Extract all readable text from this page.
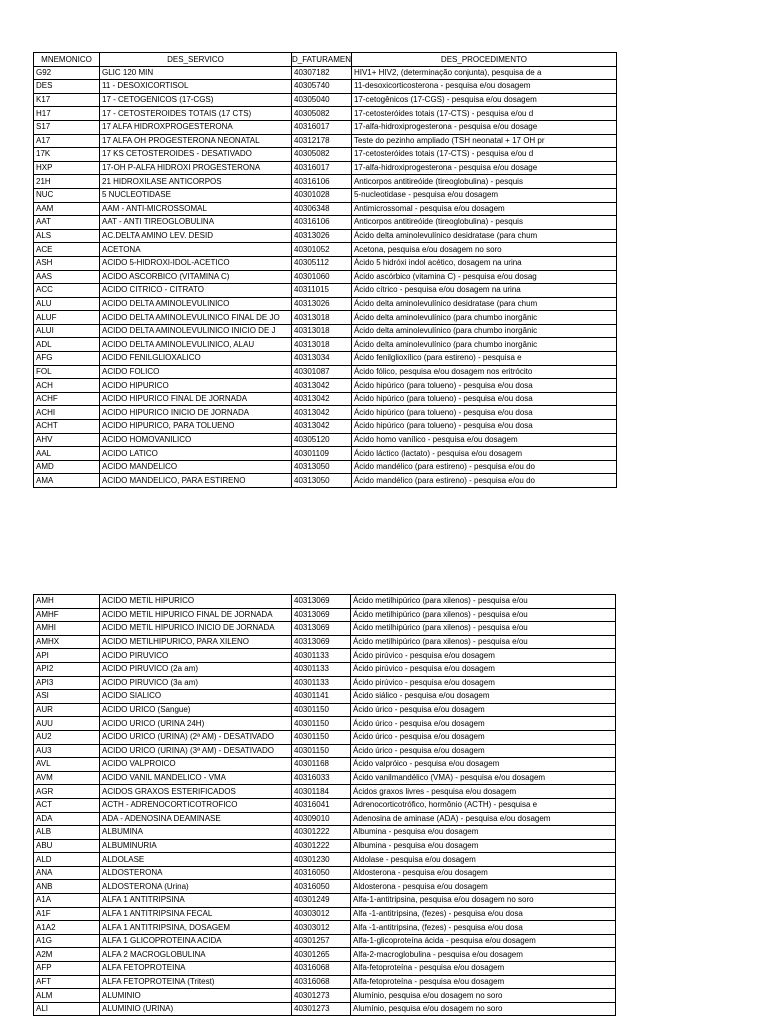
MNEMONICO	DES_SERVICO	D_FATURAMEN	DES_PROCEDIMENTO
G92	GLIC 120 MIN	40307182	HIV1+ HIV2, (determinação conjunta), pesquisa de a
DES	11 - DESOXICORTISOL	40305740	11-desoxicorticosterona - pesquisa e/ou dosagem
K17	17 - CETOGENICOS (17-CGS)	40305040	17-cetogênicos (17-CGS) - pesquisa e/ou dosagem
H17	17 - CETOSTEROIDES TOTAIS (17 CTS)	40305082	17-cetosteróides totais (17-CTS) - pesquisa e/ou d
S17	17 ALFA HIDROXPROGESTERONA	40316017	17-alfa-hidroxiprogesterona - pesquisa e/ou dosage
A17	17 ALFA OH PROGESTERONA NEONATAL	40312178	Teste do pezinho ampliado (TSH neonatal + 17 OH pr
17K	17 KS CETOSTEROIDES - DESATIVADO	40305082	17-cetosteróides totais (17-CTS) - pesquisa e/ou d
HXP	17-OH P-ALFA HIDROXI PROGESTERONA	40316017	17-alfa-hidroxiprogesterona - pesquisa e/ou dosage
21H	21 HIDROXILASE ANTICORPOS	40316106	Anticorpos antitireóide (tireoglobulina) - pesquis
NUC	5 NUCLEOTIDASE	40301028	5-nucleotidase - pesquisa e/ou dosagem
AAM	AAM - ANTI-MICROSSOMAL	40306348	Antimicrossomal - pesquisa e/ou dosagem
AAT	AAT - ANTI TIREOGLOBULINA	40316106	Anticorpos antitireóide (tireoglobulina) - pesquis
ALS	AC.DELTA AMINO LEV. DESID	40313026	Ácido delta aminolevulínico desidratase (para chum
ACE	ACETONA	40301052	Acetona, pesquisa e/ou dosagem no soro
ASH	ACIDO 5-HIDROXI-IDOL-ACETICO	40305112	Ácido 5 hidróxi indol acético, dosagem na urina
AAS	ACIDO ASCORBICO (VITAMINA C)	40301060	Ácido ascórbico (vitamina C) - pesquisa e/ou dosag
ACC	ACIDO CITRICO - CITRATO	40311015	Ácido cítrico - pesquisa e/ou dosagem na urina
ALU	ACIDO DELTA AMINOLEVULINICO	40313026	Ácido delta aminolevulínico desidratase (para chum
ALUF	ACIDO DELTA AMINOLEVULINICO FINAL DE JO	40313018	Ácido delta aminolevulínico (para chumbo inorgânic
ALUI	ACIDO DELTA AMINOLEVULINICO INICIO DE J	40313018	Ácido delta aminolevulínico (para chumbo inorgânic
ADL	ACIDO DELTA AMINOLEVULINICO, ALAU	40313018	Ácido delta aminolevulínico (para chumbo inorgânic
AFG	ACIDO FENILGLIOXALICO	40313034	Ácido fenilglioxílico (para estireno) - pesquisa e
FOL	ACIDO FOLICO	40301087	Ácido fólico, pesquisa e/ou dosagem nos eritrócito
ACH	ACIDO HIPURICO	40313042	Ácido hipúrico (para tolueno) - pesquisa e/ou dosa
ACHF	ACIDO HIPURICO FINAL DE JORNADA	40313042	Ácido hipúrico (para tolueno) - pesquisa e/ou dosa
ACHI	ACIDO HIPURICO INICIO DE JORNADA	40313042	Ácido hipúrico (para tolueno) - pesquisa e/ou dosa
ACHT	ACIDO HIPURICO, PARA TOLUENO	40313042	Ácido hipúrico (para tolueno) - pesquisa e/ou dosa
AHV	ACIDO HOMOVANILICO	40305120	Ácido homo vanílico - pesquisa e/ou dosagem
AAL	ACIDO LATICO	40301109	Ácido láctico (lactato) - pesquisa e/ou dosagem
AMD	ACIDO MANDELICO	40313050	Ácido mandélico (para estireno) - pesquisa e/ou do
AMA	ACIDO MANDELICO, PARA ESTIRENO	40313050	Ácido mandélico (para estireno) - pesquisa e/ou do
AMH	ACIDO METIL HIPURICO	40313069	Ácido metilhipúrico (para xilenos) - pesquisa e/ou
AMHF	ACIDO METIL HIPURICO FINAL DE JORNADA	40313069	Ácido metilhipúrico (para xilenos) - pesquisa e/ou
AMHI	ACIDO METIL HIPURICO INICIO DE JORNADA	40313069	Ácido metilhipúrico (para xilenos) - pesquisa e/ou
AMHX	ACIDO METILHIPURICO, PARA XILENO	40313069	Ácido metilhipúrico (para xilenos) - pesquisa e/ou
API	ACIDO PIRUVICO	40301133	Ácido pirúvico - pesquisa e/ou dosagem
API2	ACIDO PIRUVICO (2a am)	40301133	Ácido pirúvico - pesquisa e/ou dosagem
API3	ACIDO PIRUVICO (3a am)	40301133	Ácido pirúvico - pesquisa e/ou dosagem
ASI	ACIDO SIALICO	40301141	Ácido siálico - pesquisa e/ou dosagem
AUR	ACIDO URICO (Sangue)	40301150	Ácido úrico - pesquisa e/ou dosagem
AUU	ACIDO URICO (URINA 24H)	40301150	Ácido úrico - pesquisa e/ou dosagem
AU2	ACIDO URICO (URINA) (2ª AM) - DESATIVADO	40301150	Ácido úrico - pesquisa e/ou dosagem
AU3	ACIDO URICO (URINA) (3ª AM) - DESATIVADO	40301150	Ácido úrico - pesquisa e/ou dosagem
AVL	ACIDO VALPROICO	40301168	Ácido valpróico - pesquisa e/ou dosagem
AVM	ACIDO VANIL MANDELICO - VMA	40316033	Ácido vanilmandélico (VMA) - pesquisa e/ou dosagem
AGR	ACIDOS GRAXOS ESTERIFICADOS	40301184	Ácidos graxos livres - pesquisa e/ou dosagem
ACT	ACTH - ADRENOCORTICOTROFICO	40316041	Adrenocorticotrófico, hormônio (ACTH) - pesquisa e
ADA	ADA - ADENOSINA DEAMINASE	40309010	Adenosina de aminase (ADA) - pesquisa e/ou dosagem
ALB	ALBUMINA	40301222	Albumina - pesquisa e/ou dosagem
ABU	ALBUMINURIA	40301222	Albumina - pesquisa e/ou dosagem
ALD	ALDOLASE	40301230	Aldolase - pesquisa e/ou dosagem
ANA	ALDOSTERONA	40316050	Aldosterona - pesquisa e/ou dosagem
ANB	ALDOSTERONA (Urina)	40316050	Aldosterona - pesquisa e/ou dosagem
A1A	ALFA 1 ANTITRIPSINA	40301249	Alfa-1-antitripsina, pesquisa e/ou dosagem no soro
A1F	ALFA 1 ANTITRIPSINA FECAL	40303012	Alfa -1-antitripsina, (fezes) - pesquisa e/ou dosa
A1A2	ALFA 1 ANTITRIPSINA, DOSAGEM	40303012	Alfa -1-antitripsina, (fezes) - pesquisa e/ou dosa
A1G	ALFA 1 GLICOPROTEINA ACIDA	40301257	Alfa-1-glicoproteína ácida - pesquisa e/ou dosagem
A2M	ALFA 2 MACROGLOBULINA	40301265	Alfa-2-macroglobulina - pesquisa e/ou dosagem
AFP	ALFA FETOPROTEINA	40316068	Alfa-fetoproteína - pesquisa e/ou dosagem
AFT	ALFA FETOPROTEINA (Tritest)	40316068	Alfa-fetoproteína - pesquisa e/ou dosagem
ALM	ALUMINIO	40301273	Alumínio, pesquisa e/ou dosagem no soro
ALI	ALUMINIO (URINA)	40301273	Alumínio, pesquisa e/ou dosagem no soro
